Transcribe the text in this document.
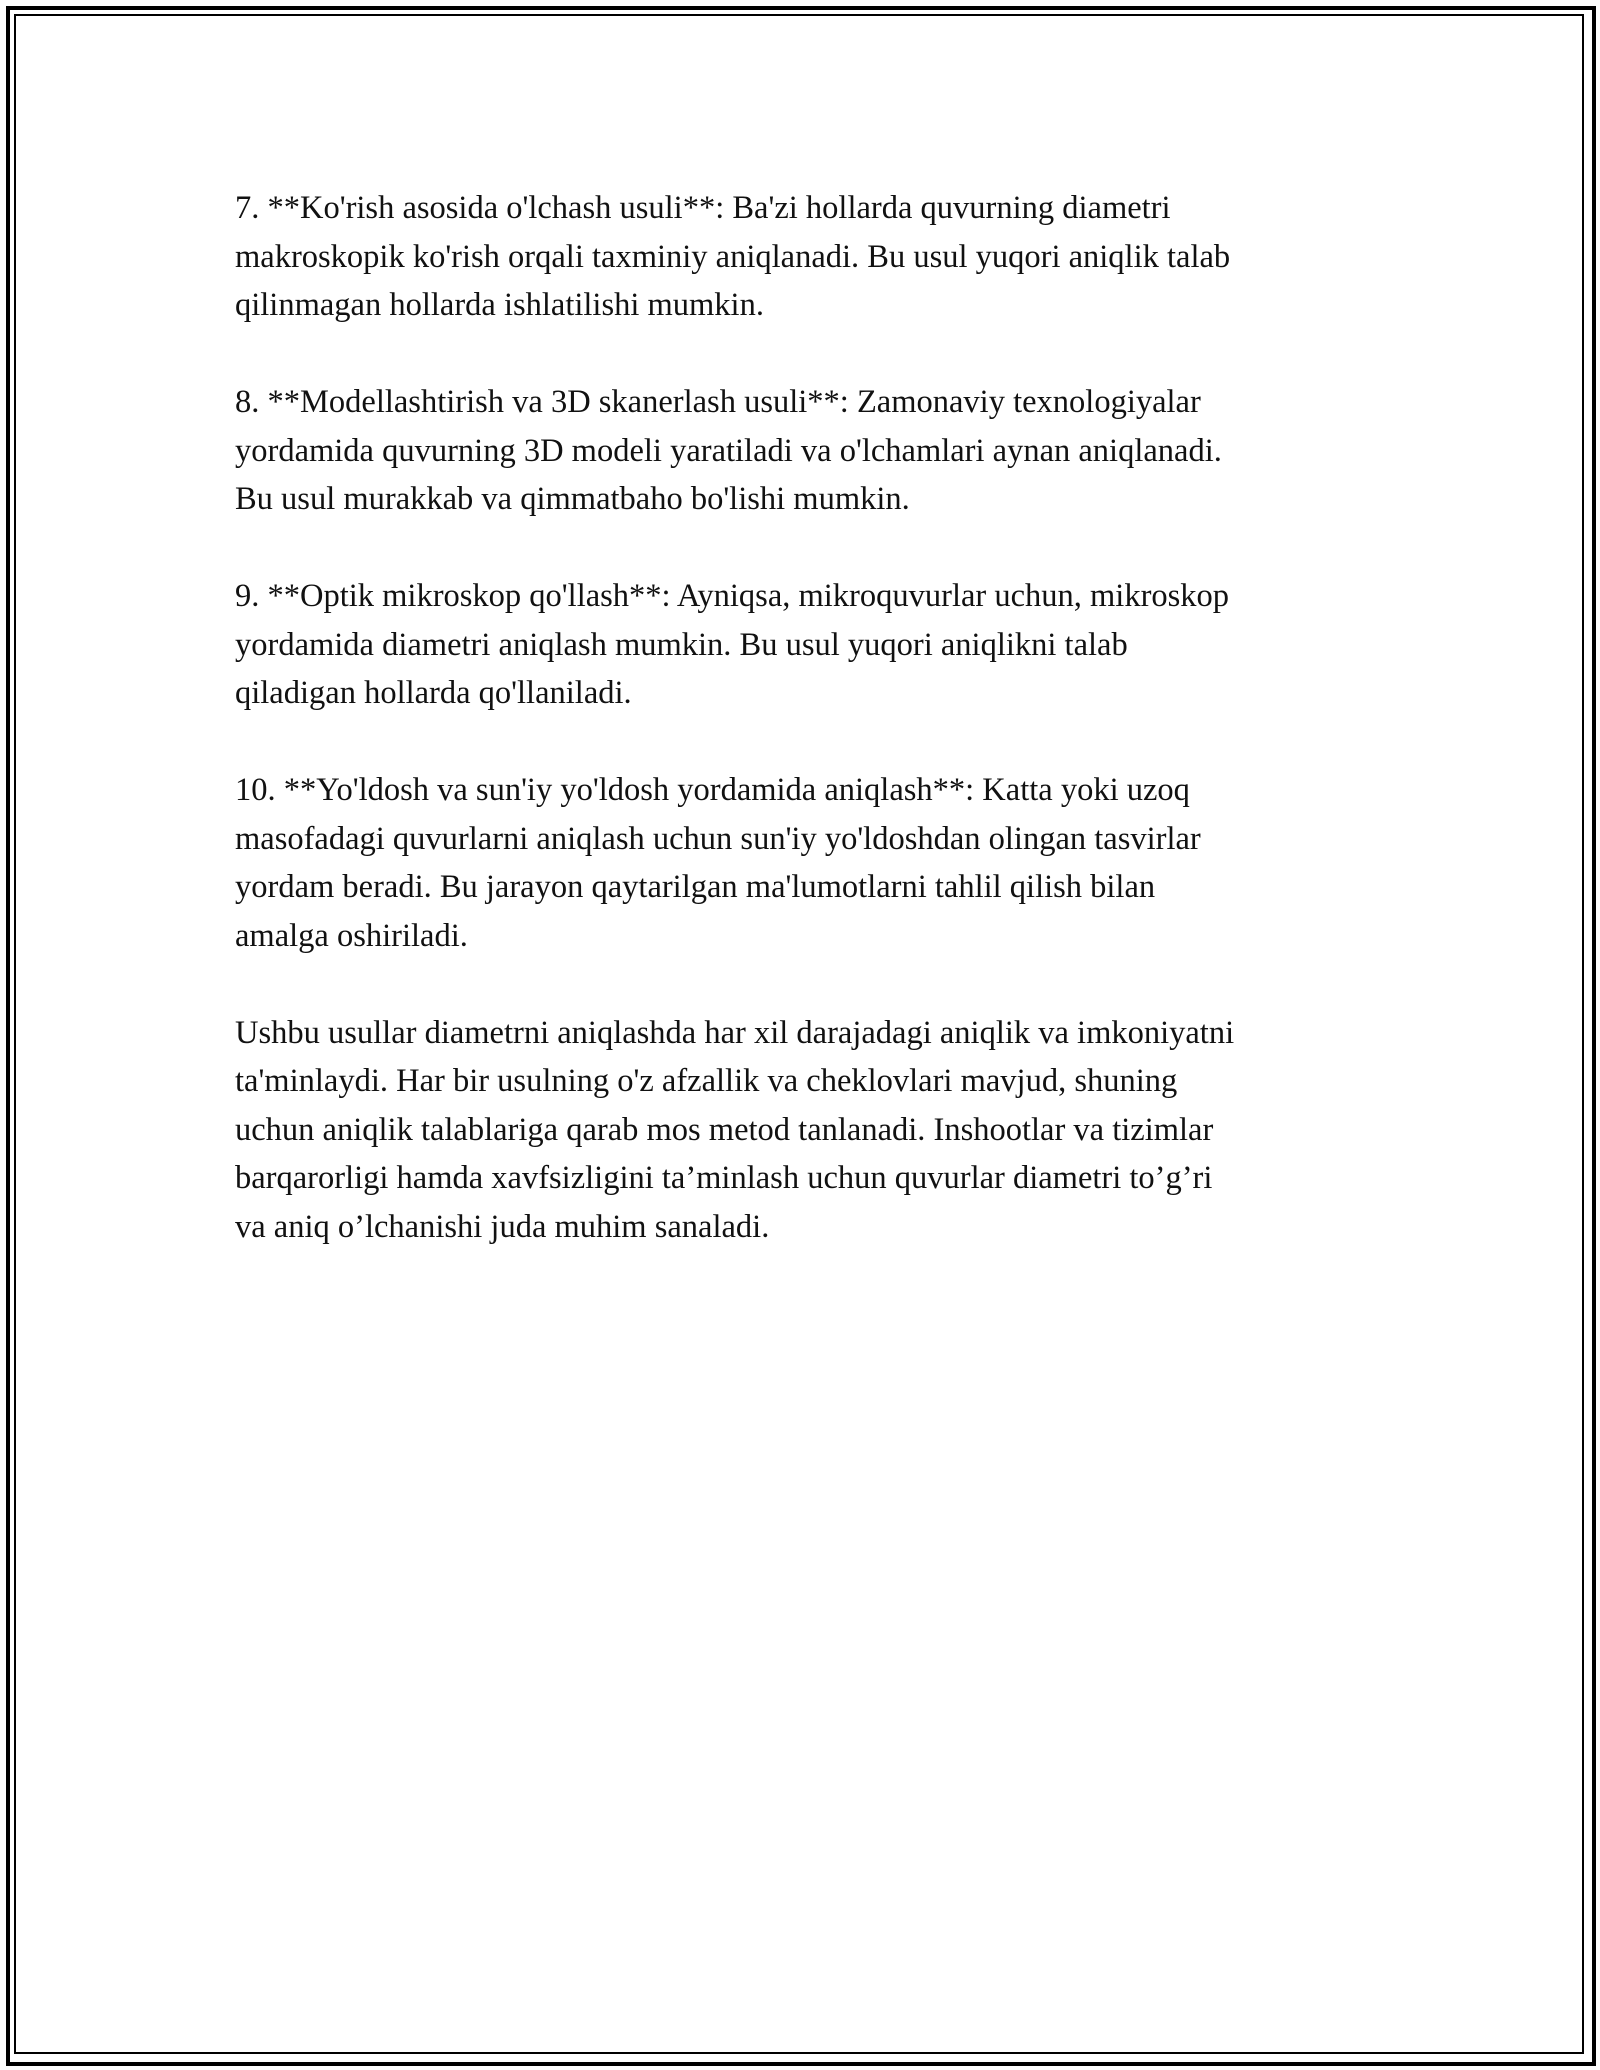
7. **Ko'rish asosida o'lchash usuli**: Ba'zi hollarda quvurning diametri
makroskopik ko'rish orqali taxminiy aniqlanadi. Bu usul yuqori aniqlik talab
qilinmagan hollarda ishlatilishi mumkin.

8. **Modellashtirish va 3D skanerlash usuli**: Zamonaviy texnologiyalar
yordamida quvurning 3D modeli yaratiladi va o'lchamlari aynan aniqlanadi.
Bu usul murakkab va qimmatbaho bo'lishi mumkin.

9. **Optik mikroskop qo'llash**: Ayniqsa, mikroquvurlar uchun, mikroskop
yordamida diametri aniqlash mumkin. Bu usul yuqori aniqlikni talab
qiladigan hollarda qo'llaniladi.

10. **Yo'ldosh va sun'iy yo'ldosh yordamida aniqlash**: Katta yoki uzoq
masofadagi quvurlarni aniqlash uchun sun'iy yo'ldoshdan olingan tasvirlar
yordam beradi. Bu jarayon qaytarilgan ma'lumotlarni tahlil qilish bilan
amalga oshiriladi.

Ushbu usullar diametrni aniqlashda har xil darajadagi aniqlik va imkoniyatni
ta'minlaydi. Har bir usulning o'z afzallik va cheklovlari mavjud, shuning
uchun aniqlik talablariga qarab mos metod tanlanadi. Inshootlar va tizimlar
barqarorligi hamda xavfsizligini ta’minlash uchun quvurlar diametri to’g’ri
va aniq o’lchanishi juda muhim sanaladi.
